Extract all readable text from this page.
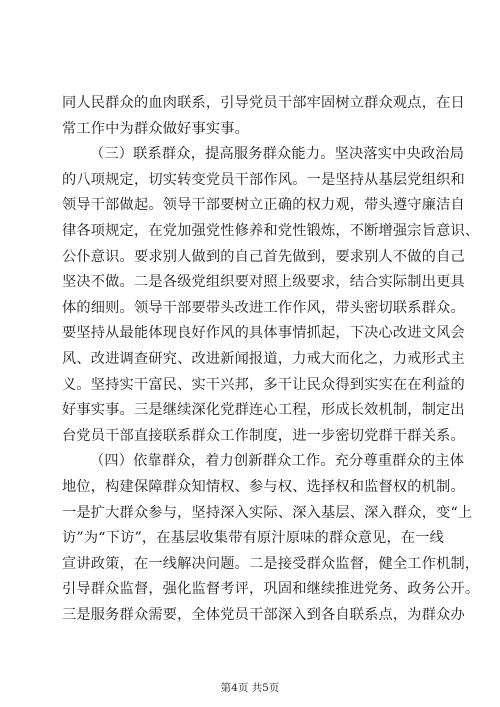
同人民群众的血肉联系，引导党员干部牢固树立群众观点，在日
常工作中为群众做好事实事。
（三）联系群众，提高服务群众能力。坚决落实中央政治局
的八项规定，切实转变党员干部作风。一是坚持从基层党组织和
领导干部做起。领导干部要树立正确的权力观，带头遵守廉洁自
律各项规定，在党加强党性修养和党性锻炼，不断增强宗旨意识、
公仆意识。要求别人做到的自己首先做到，要求别人不做的自己
坚决不做。二是各级党组织要对照上级要求，结合实际制出更具
体的细则。领导干部要带头改进工作作风，带头密切联系群众。
要坚持从最能体现良好作风的具体事情抓起，下决心改进文风会
风、改进调查研究、改进新闻报道，力戒大而化之，力戒形式主
义。坚持实干富民、实干兴邦，多干让民众得到实实在在利益的
好事实事。三是继续深化党群连心工程，形成长效机制，制定出
台党员干部直接联系群众工作制度，进一步密切党群干群关系。
（四）依靠群众，着力创新群众工作。充分尊重群众的主体
地位，构建保障群众知情权、参与权、选择权和监督权的机制。
一是扩大群众参与，坚持深入实际、深入基层、深入群众，变“上
访”为“下访”，在基层收集带有原汁原味的群众意见，在一线
宣讲政策，在一线解决问题。二是接受群众监督，健全工作机制，
引导群众监督，强化监督考评，巩固和继续推进党务、政务公开。
三是服务群众需要，全体党员干部深入到各自联系点，为群众办
第4页 共5页
